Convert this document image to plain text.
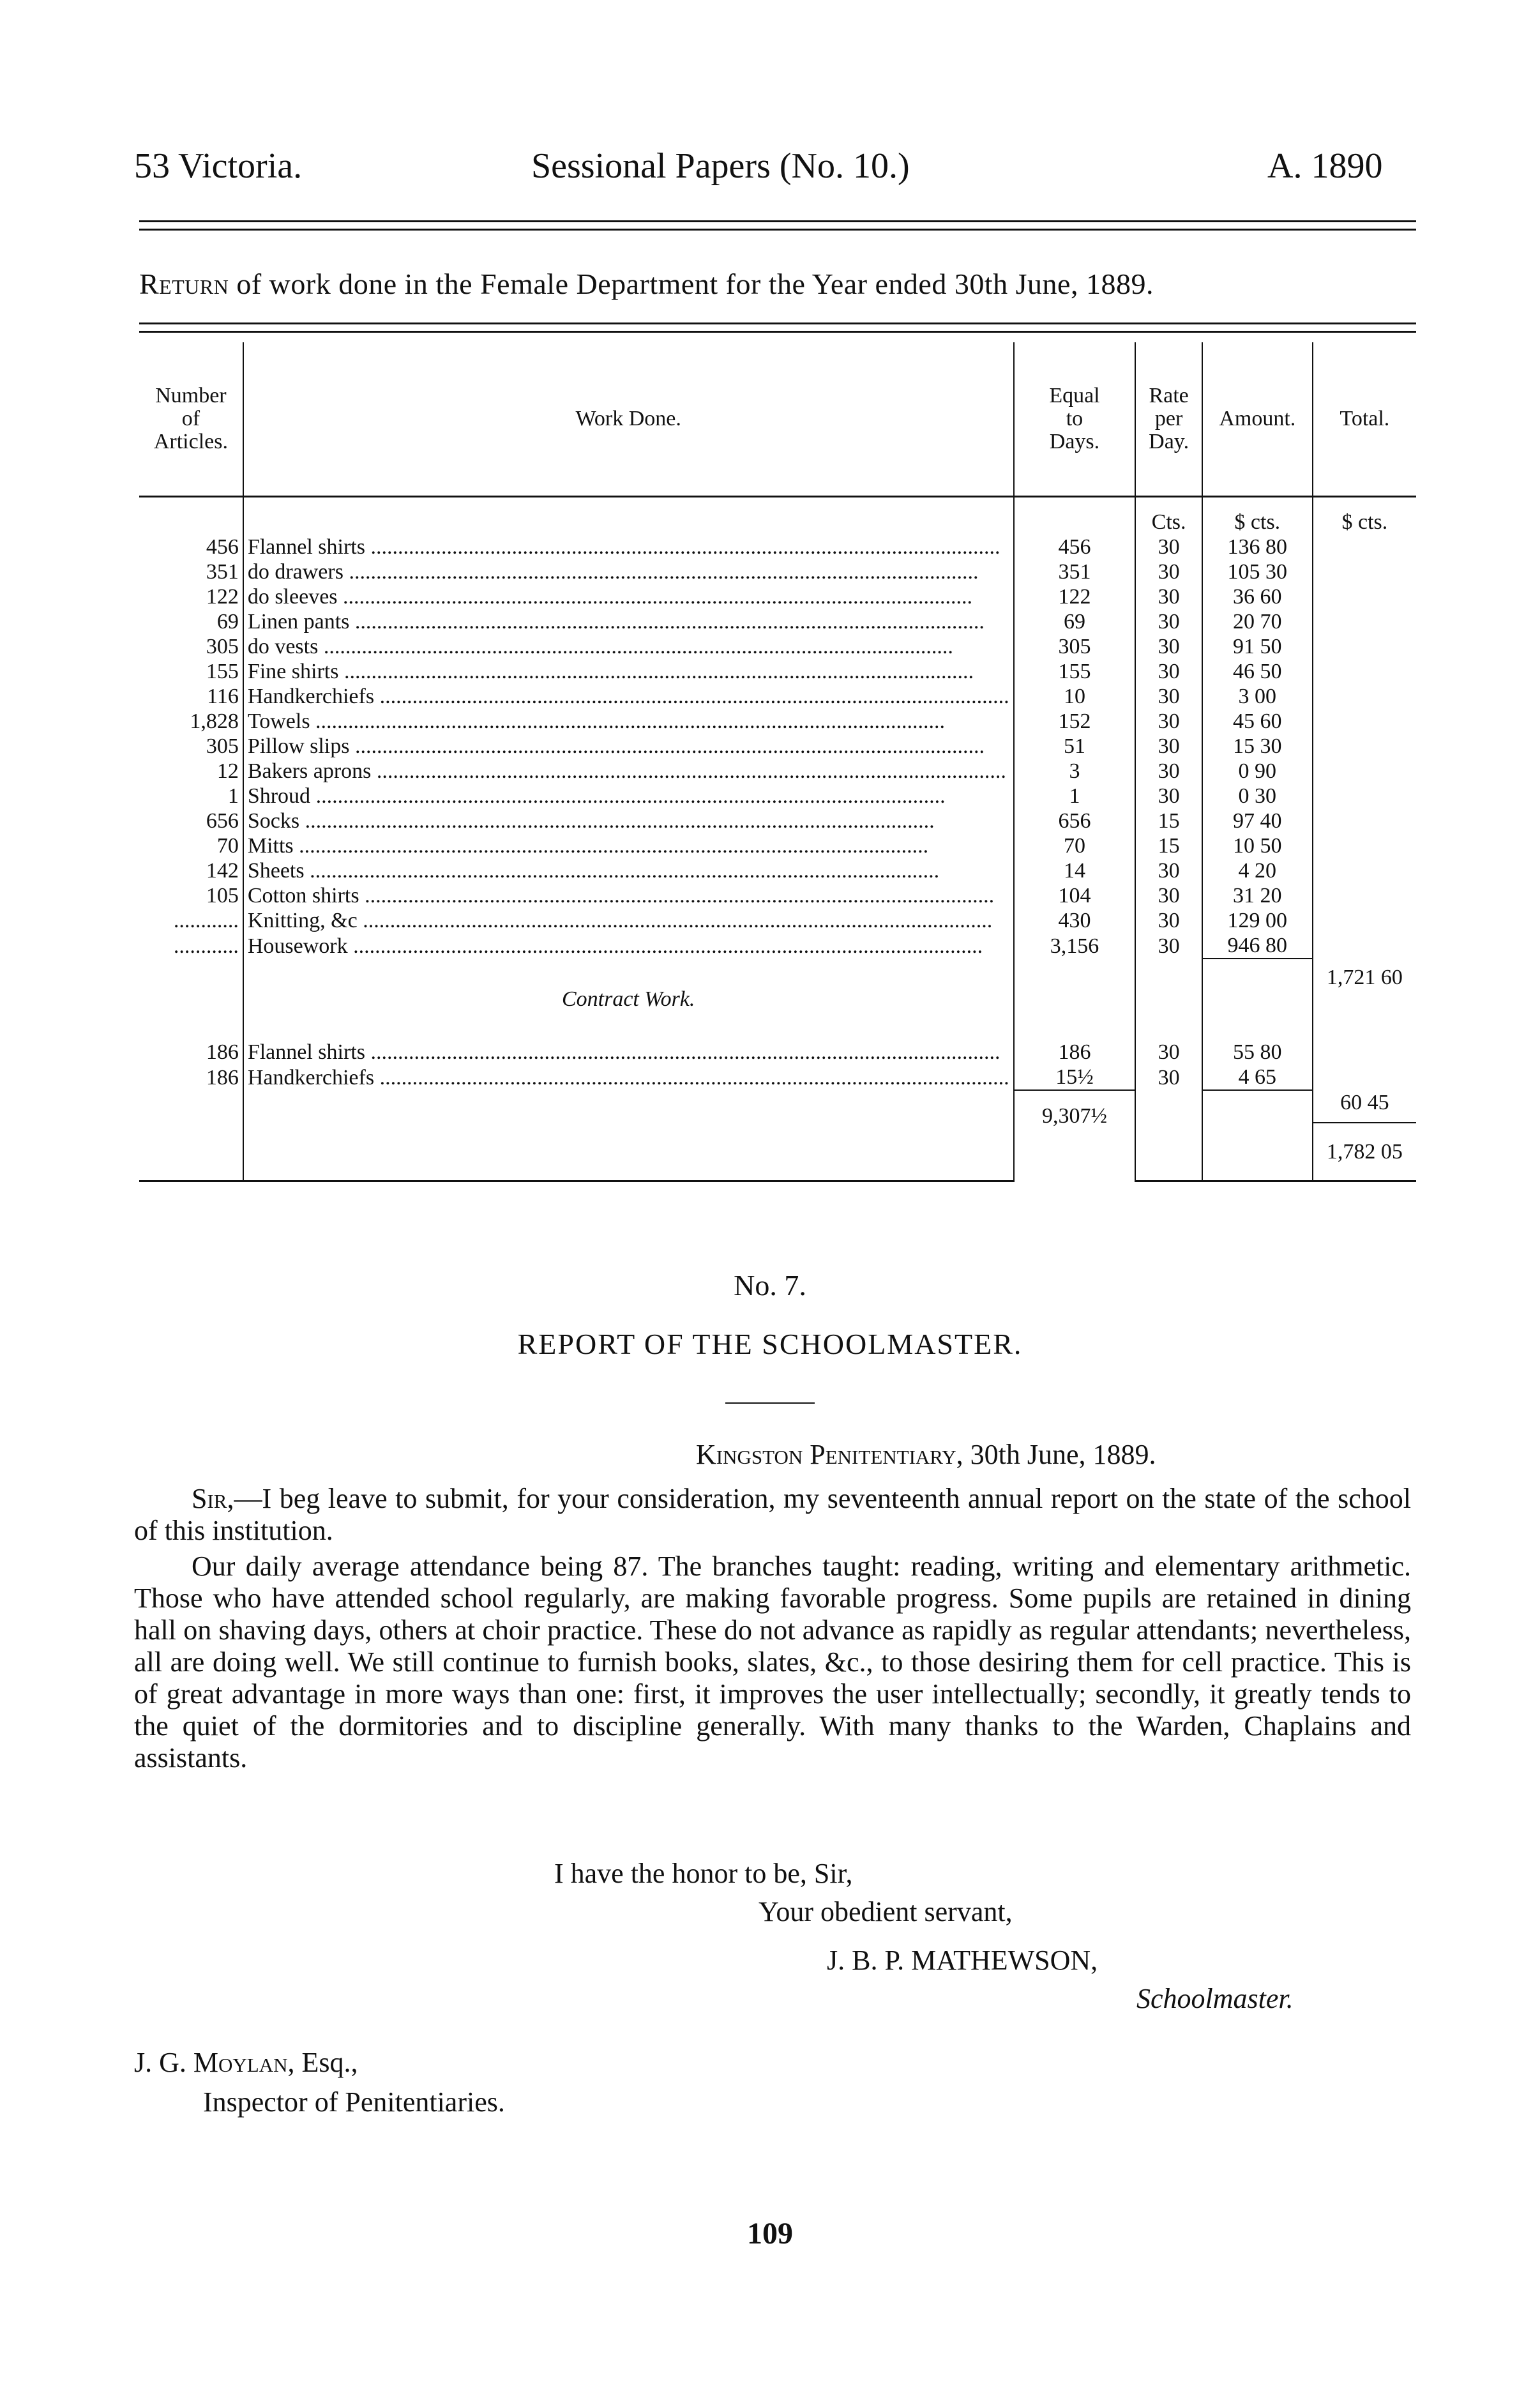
53 Victoria.	Sessional Papers (No. 10.)	A. 1890
Return of work done in the Female Department for the Year ended 30th June, 1889.
Number
of
Articles.	Work Done.	Equal
to
Days.	Rate
per
Day.	Amount.	Total.
			Cts.	$ cts.	$ cts.
456	Flannel shirts .....	456	30	136 80	
351	do drawers .....	351	30	105 30	
122	do sleeves .....	122	30	36 60	
69	Linen pants .....	69	30	20 70	
305	do vests .....	305	30	91 50	
155	Fine shirts .....	155	30	46 50	
116	Handkerchiefs .....	10	30	3 00	
1,828	Towels .....	152	30	45 60	
305	Pillow slips .....	51	30	15 30	
12	Bakers aprons .....	3	30	0 90	
1	Shroud .....	1	30	0 30	
656	Socks .....	656	15	97 40	
70	Mitts .....	70	15	10 50	
142	Sheets .....	14	30	4 20	
105	Cotton shirts .....	104	30	31 20	
............	Knitting, &c .....	430	30	129 00	
............	Housework .....	3,156	30	946 80	
					1,721 60
	Contract Work.				

186	Flannel shirts .....	186	30	55 80	
186	Handkerchiefs .....	15½	30	4 65	
					60 45
		9,307½			
					1,782 05
No. 7.
REPORT OF THE SCHOOLMASTER.
Kingston Penitentiary, 30th June, 1889.
Sir,—I beg leave to submit, for your consideration, my seventeenth annual report on the state of the school of this institution.
Our daily average attendance being 87. The branches taught: reading, writing and elementary arithmetic. Those who have attended school regularly, are making favorable progress. Some pupils are retained in dining hall on shaving days, others at choir practice. These do not advance as rapidly as regular attendants; nevertheless, all are doing well. We still continue to furnish books, slates, &c., to those desiring them for cell practice. This is of great advantage in more ways than one: first, it improves the user intellectually; secondly, it greatly tends to the quiet of the dormitories and to discipline generally. With many thanks to the Warden, Chaplains and assistants.
I have the honor to be, Sir,
Your obedient servant,
J. B. P. MATHEWSON,
Schoolmaster.
J. G. Moylan, Esq.,
Inspector of Penitentiaries.
109
